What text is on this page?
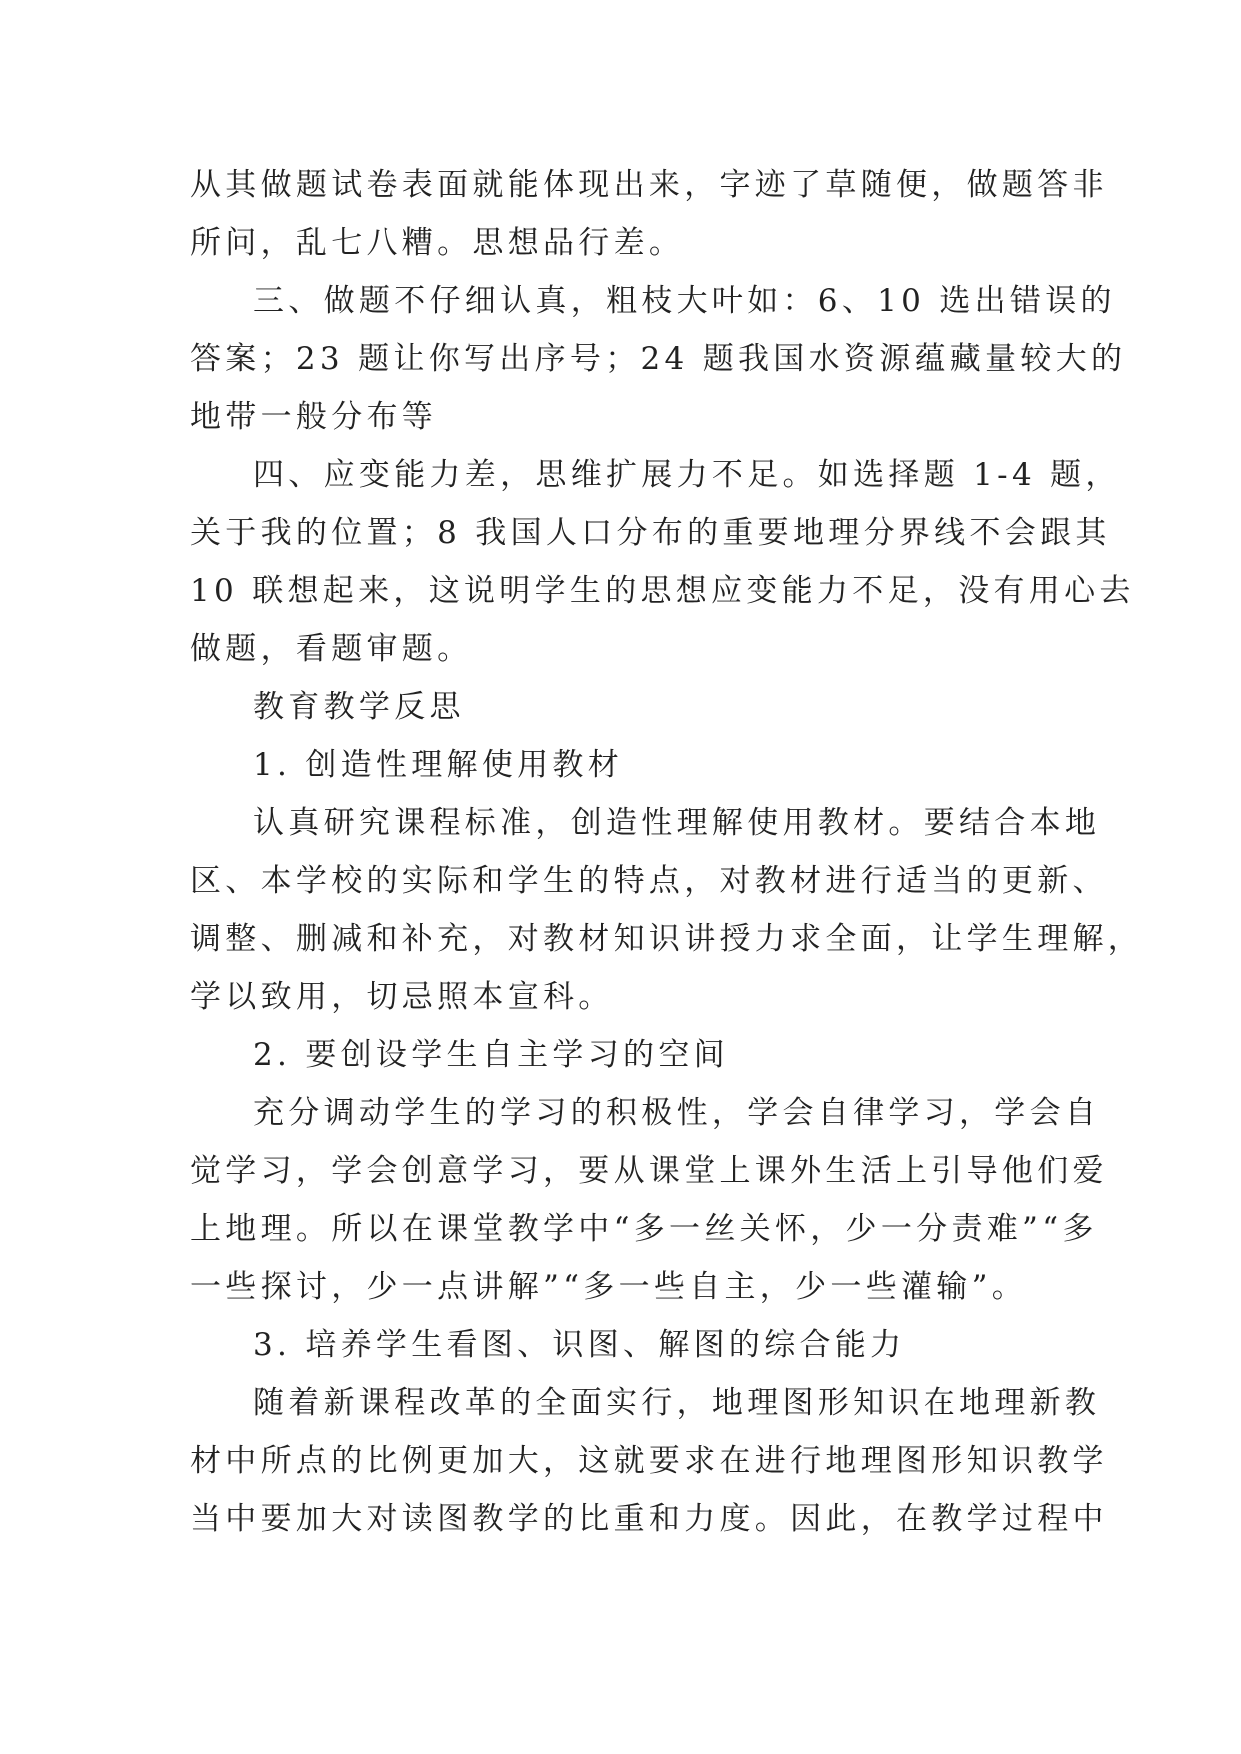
从其做题试卷表面就能体现出来，字迹了草随便，做题答非
所问，乱七八糟。思想品行差。
三、做题不仔细认真，粗枝大叶如：6、10 选出错误的
答案；23 题让你写出序号；24 题我国水资源蕴藏量较大的
地带一般分布等
四、应变能力差，思维扩展力不足。如选择题 1-4 题，
关于我的位置；8 我国人口分布的重要地理分界线不会跟其
10 联想起来，这说明学生的思想应变能力不足，没有用心去
做题，看题审题。
教育教学反思
1. 创造性理解使用教材
认真研究课程标准，创造性理解使用教材。要结合本地
区、本学校的实际和学生的特点，对教材进行适当的更新、
调整、删减和补充，对教材知识讲授力求全面，让学生理解，
学以致用，切忌照本宣科。
2. 要创设学生自主学习的空间
充分调动学生的学习的积极性，学会自律学习，学会自
觉学习，学会创意学习，要从课堂上课外生活上引导他们爱
上地理。所以在课堂教学中“多一丝关怀，少一分责难”“多
一些探讨，少一点讲解”“多一些自主，少一些灌输”。
3. 培养学生看图、识图、解图的综合能力
随着新课程改革的全面实行，地理图形知识在地理新教
材中所点的比例更加大，这就要求在进行地理图形知识教学
当中要加大对读图教学的比重和力度。因此，在教学过程中
